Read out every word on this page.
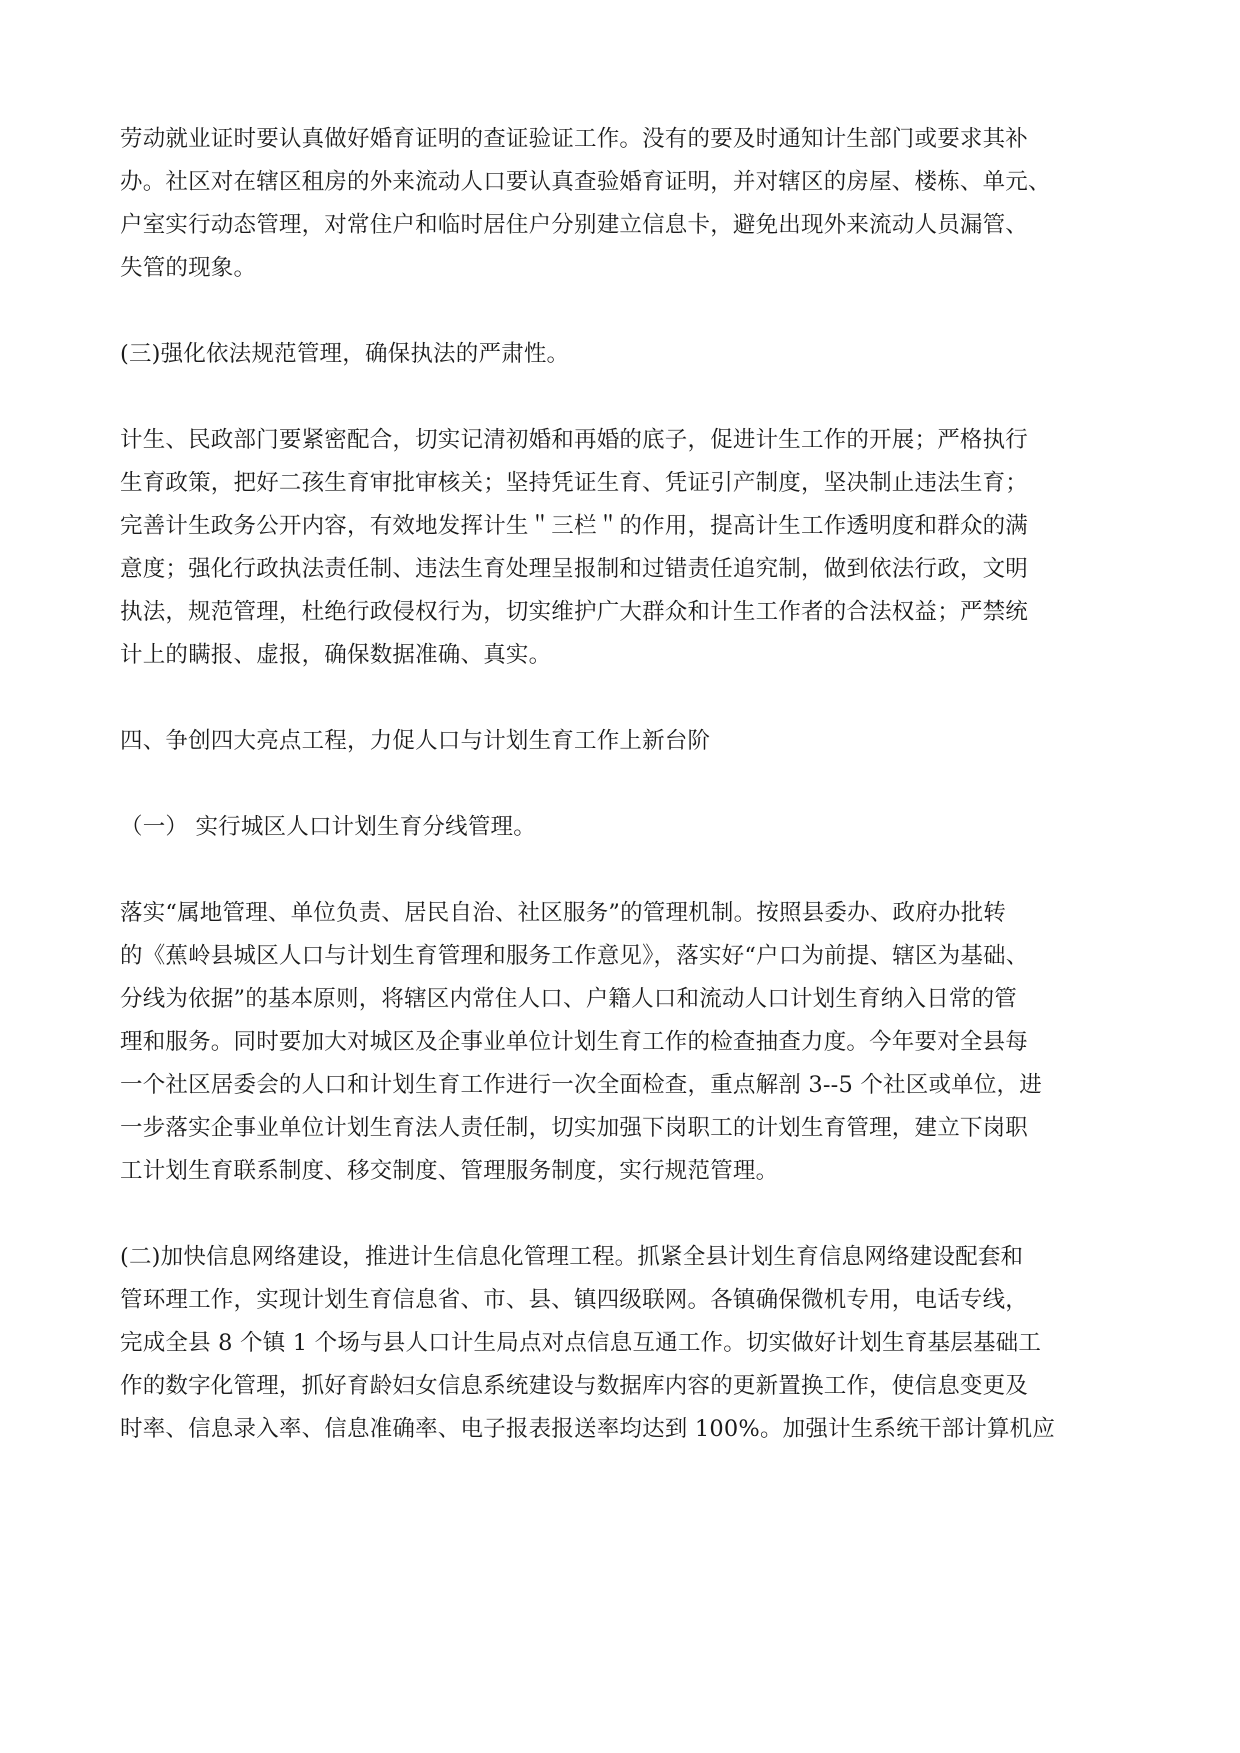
劳动就业证时要认真做好婚育证明的查证验证工作。没有的要及时通知计生部门或要求其补
办。社区对在辖区租房的外来流动人口要认真查验婚育证明，并对辖区的房屋、楼栋、单元、
户室实行动态管理，对常住户和临时居住户分别建立信息卡，避免出现外来流动人员漏管、
失管的现象。
(三)强化依法规范管理，确保执法的严肃性。
计生、民政部门要紧密配合，切实记清初婚和再婚的底子，促进计生工作的开展；严格执行
生育政策，把好二孩生育审批审核关；坚持凭证生育、凭证引产制度，坚决制止违法生育；
完善计生政务公开内容，有效地发挥计生＂三栏＂的作用，提高计生工作透明度和群众的满
意度；强化行政执法责任制、违法生育处理呈报制和过错责任追究制，做到依法行政，文明
执法，规范管理，杜绝行政侵权行为，切实维护广大群众和计生工作者的合法权益；严禁统
计上的瞒报、虚报，确保数据准确、真实。
四、争创四大亮点工程，力促人口与计划生育工作上新台阶
（一） 实行城区人口计划生育分线管理。
落实“属地管理、单位负责、居民自治、社区服务”的管理机制。按照县委办、政府办批转
的《蕉岭县城区人口与计划生育管理和服务工作意见》，落实好“户口为前提、辖区为基础、
分线为依据”的基本原则，将辖区内常住人口、户籍人口和流动人口计划生育纳入日常的管
理和服务。同时要加大对城区及企事业单位计划生育工作的检查抽查力度。今年要对全县每
一个社区居委会的人口和计划生育工作进行一次全面检查，重点解剖 3--5 个社区或单位，进
一步落实企事业单位计划生育法人责任制，切实加强下岗职工的计划生育管理，建立下岗职
工计划生育联系制度、移交制度、管理服务制度，实行规范管理。
(二)加快信息网络建设，推进计生信息化管理工程。抓紧全县计划生育信息网络建设配套和
管环理工作，实现计划生育信息省、市、县、镇四级联网。各镇确保微机专用，电话专线，
完成全县 8 个镇 1 个场与县人口计生局点对点信息互通工作。切实做好计划生育基层基础工
作的数字化管理，抓好育龄妇女信息系统建设与数据库内容的更新置换工作，使信息变更及
时率、信息录入率、信息准确率、电子报表报送率均达到 100%。加强计生系统干部计算机应
